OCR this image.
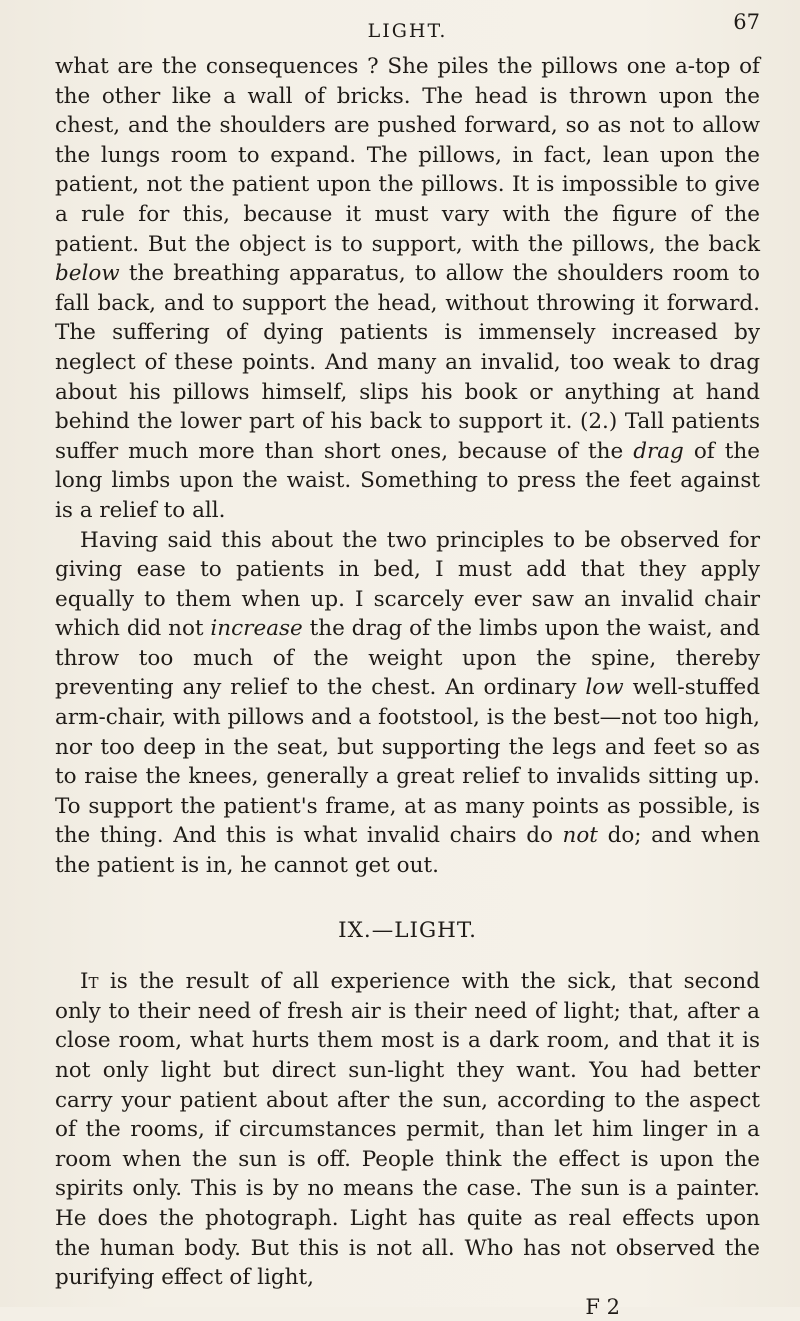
LIGHT.	67

what are the consequences ? She piles the pillows one a-top of the other like a wall of bricks. The head is thrown upon the chest, and the shoulders are pushed forward, so as not to allow the lungs room to expand. The pillows, in fact, lean upon the patient, not the patient upon the pillows. It is impossible to give a rule for this, because it must vary with the figure of the patient. But the object is to support, with the pillows, the back below the breathing apparatus, to allow the shoulders room to fall back, and to support the head, without throwing it forward. The suffering of dying patients is immensely increased by neglect of these points. And many an invalid, too weak to drag about his pillows himself, slips his book or anything at hand behind the lower part of his back to support it. (2.) Tall patients suffer much more than short ones, because of the drag of the long limbs upon the waist. Something to press the feet against is a relief to all.

Having said this about the two principles to be observed for giving ease to patients in bed, I must add that they apply equally to them when up. I scarcely ever saw an invalid chair which did not increase the drag of the limbs upon the waist, and throw too much of the weight upon the spine, thereby preventing any relief to the chest. An ordinary low well-stuffed arm-chair, with pillows and a footstool, is the best—not too high, nor too deep in the seat, but supporting the legs and feet so as to raise the knees, generally a great relief to invalids sitting up. To support the patient's frame, at as many points as possible, is the thing. And this is what invalid chairs do not do; and when the patient is in, he cannot get out.

IX.—LIGHT.

It is the result of all experience with the sick, that second only to their need of fresh air is their need of light; that, after a close room, what hurts them most is a dark room, and that it is not only light but direct sun-light they want. You had better carry your patient about after the sun, according to the aspect of the rooms, if circumstances permit, than let him linger in a room when the sun is off. People think the effect is upon the spirits only. This is by no means the case. The sun is a painter. He does the photograph. Light has quite as real effects upon the human body. But this is not all. Who has not observed the purifying effect of light,

F 2
